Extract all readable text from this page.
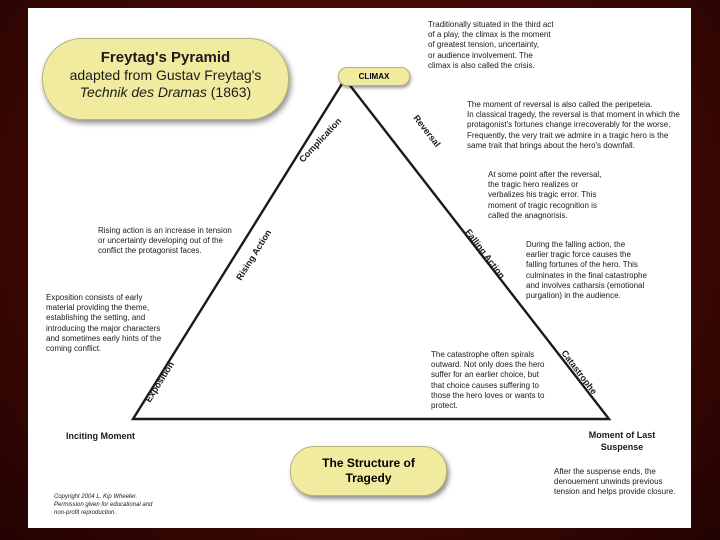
Exposition
Rising Action
Complication	Reversal
Falling Action
Catastrophe
Freytag's Pyramid
adapted from Gustav Freytag's
Technik des Dramas (1863)
CLIMAX
Traditionally situated in the third act
of a play, the climax is the moment
of greatest tension, uncertainty,
or audience involvement. The
climax is also called the crisis.
The moment of reversal is also called the peripeteia.
In classical tragedy, the reversal is that moment in which the
protagonist's fortunes change irrecoverably for the worse.
Frequently, the very trait we admire in a tragic hero is the
same trait that brings about the hero's downfall.
At some point after the reversal,
the tragic hero realizes or
verbalizes his tragic error. This
moment of tragic recognition is
called the anagnorisis.
Rising action is an increase in tension
or uncertainty developing out of the
conflict the protagonist faces.
During the falling action, the
earlier tragic force causes the
falling fortunes of the hero. This
culminates in the final catastrophe
and involves catharsis (emotional
purgation) in the audience.
Exposition consists of early
material providing the theme,
establishing the setting, and
introducing the major characters
and sometimes early hints of the
coming conflict.
The catastrophe often spirals
outward. Not only does the hero
suffer for an earlier choice, but
that choice causes suffering to
those the hero loves or wants to
protect.
Inciting Moment	Moment of Last
Suspense
The Structure of
Tragedy	After the suspense ends, the
denouement unwinds previous
tension and helps provide closure.
Copyright 2004 L. Kip Wheeler.
Permission given for educational and
non-profit reproduction.
